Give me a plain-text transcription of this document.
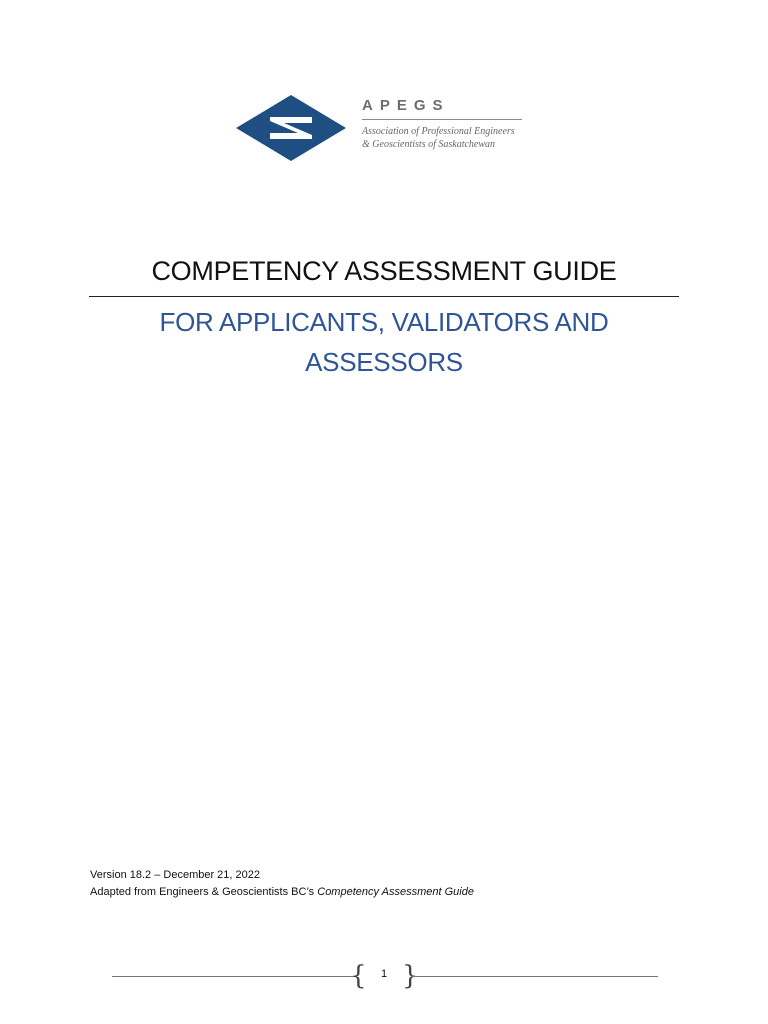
APEGS
Association of Professional Engineers
& Geoscientists of Saskatchewan
COMPETENCY ASSESSMENT GUIDE
FOR APPLICANTS, VALIDATORS AND ASSESSORS
Version 18.2 – December 21, 2022
Adapted from Engineers & Geoscientists BC’s Competency Assessment Guide
{	1 }
